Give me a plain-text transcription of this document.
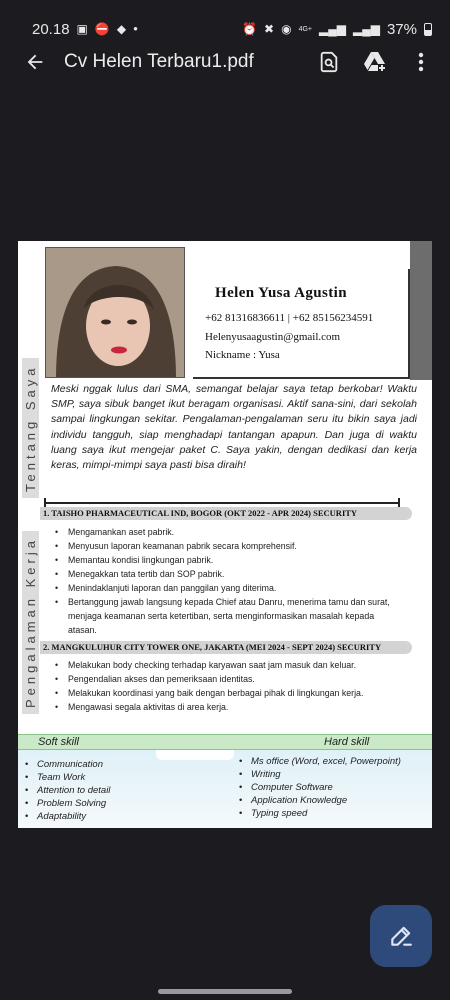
20.18 ▣ ⛔ ◆ ●	⏰ ✖ ◉ 4G+ ▂▄▆ ▂▄▆ 37%
Cv Helen Terbaru1.pdf
Helen Yusa Agustin
+62 81316836611 | +62 85156234591
Helenyusaagustin@gmail.com
Nickname : Yusa
Tentang Saya Meski nggak lulus dari SMA, semangat belajar saya tetap berkobar! Waktu SMP, saya sibuk banget ikut beragam organisasi. Aktif sana-sini, dari sekolah sampai lingkungan sekitar. Pengalaman-pengalaman seru itu bikin saya jadi individu tangguh, siap menghadapi tantangan apapun. Dan juga di waktu luang saya ikut mengejar paket C. Saya yakin, dengan dedikasi dan kerja keras, mimpi-mimpi saya pasti bisa diraih!
Pengalaman Kerja
1. TAISHO PHARMACEUTICAL IND, BOGOR (OKT 2022 - APR 2024) SECURITY
• Mengamankan aset pabrik.
• Menyusun laporan keamanan pabrik secara komprehensif.
• Memantau kondisi lingkungan pabrik.
• Menegakkan tata tertib dan SOP pabrik.
• Menindaklanjuti laporan dan panggilan yang diterima.
• Bertanggung jawab langsung kepada Chief atau Danru, menerima tamu dan surat, menjaga keamanan serta ketertiban, serta menginformasikan masalah kepada atasan.
2. MANGKULUHUR CITY TOWER ONE, JAKARTA (MEI 2024 - SEPT 2024) SECURITY
• Melakukan body checking terhadap karyawan saat jam masuk dan keluar.
• Pengendalian akses dan pemeriksaan identitas.
• Melakukan koordinasi yang baik dengan berbagai pihak di lingkungan kerja.
• Mengawasi segala aktivitas di area kerja.
Soft skill	Hard skill
• Communication
• Team Work
• Attention to detail
• Problem Solving
• Adaptability
• Ms office (Word, excel, Powerpoint)
• Writing
• Computer Software
• Application Knowledge
• Typing speed
